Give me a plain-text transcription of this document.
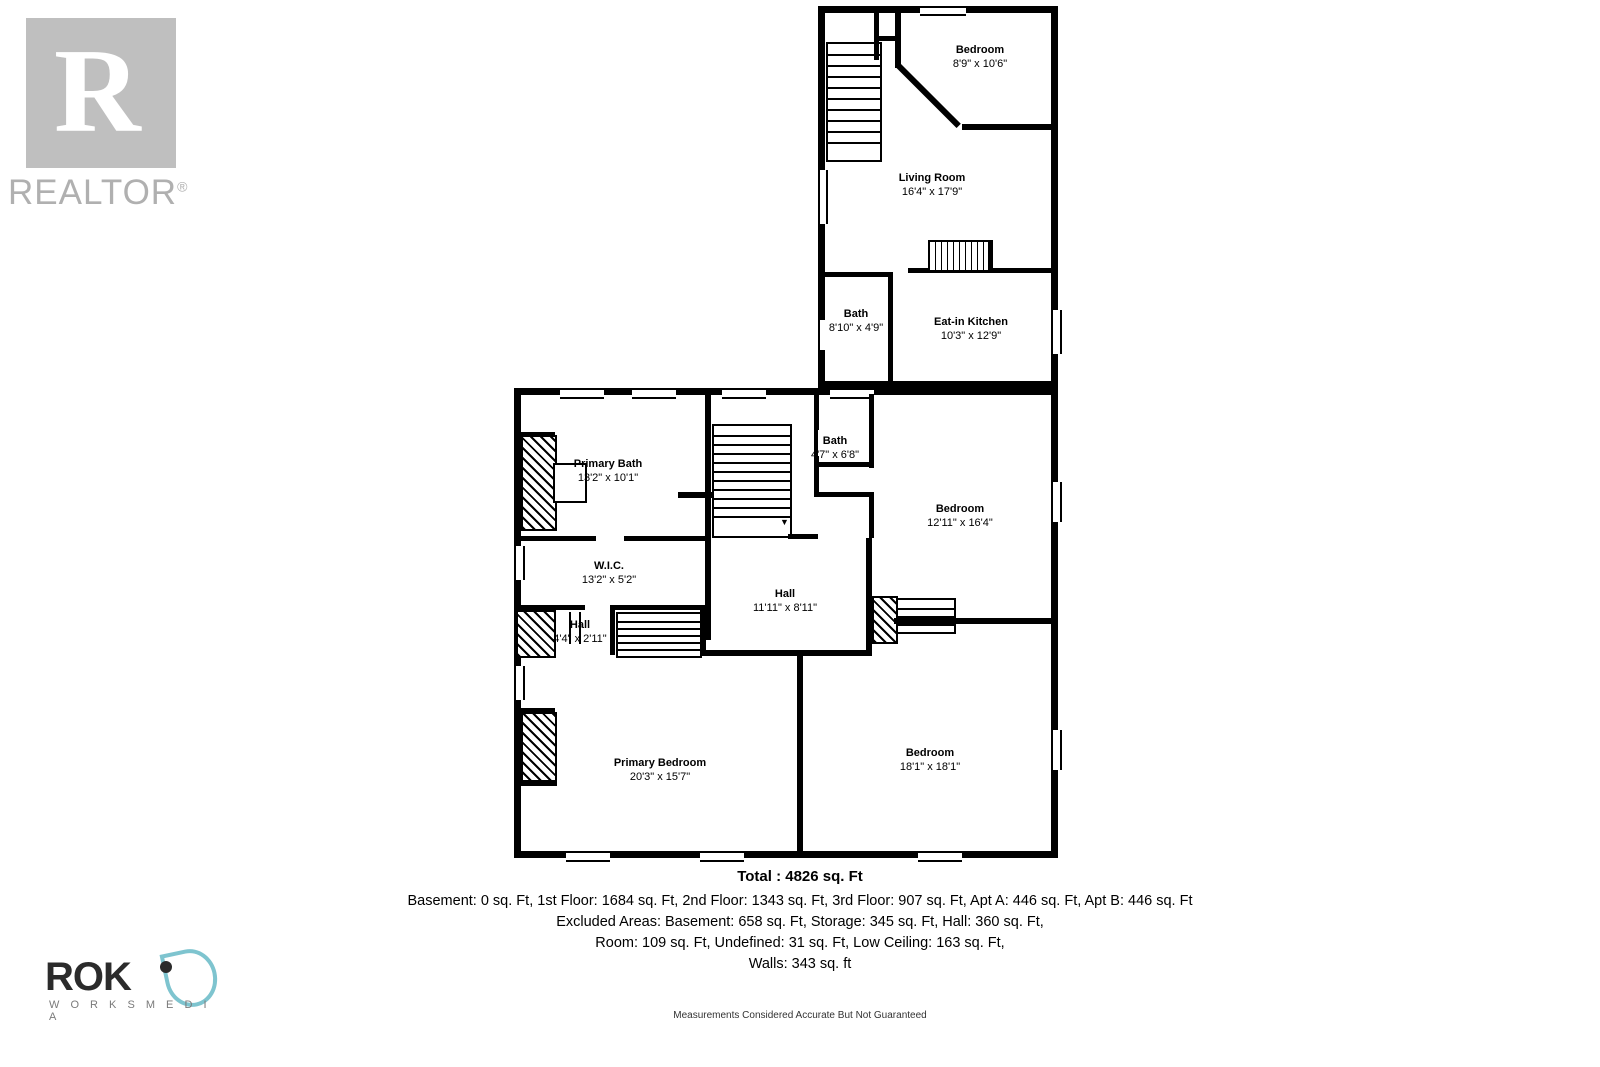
R
REALTOR®
Bedroom
8'9" x 10'6"
Living Room
16'4" x 17'9"
Bath
8'10" x 4'9"	Eat-in Kitchen
10'3" x 12'9"
▼
Primary Bath
13'2" x 10'1"
Bath
4'7" x 6'8"
Bedroom
12'11" x 16'4"
W.I.C.
13'2" x 5'2"
Hall
11'11" x 8'11"
Hall
4'4" x 2'11"
Primary Bedroom
20'3" x 15'7"
Bedroom
18'1" x 18'1"
Total : 4826 sq. Ft
Basement: 0 sq. Ft, 1st Floor: 1684 sq. Ft, 2nd Floor: 1343 sq. Ft, 3rd Floor: 907 sq. Ft, Apt A: 446 sq. Ft, Apt B: 446 sq. Ft
Excluded Areas: Basement: 658 sq. Ft, Storage: 345 sq. Ft, Hall: 360 sq. Ft,
Room: 109 sq. Ft, Undefined: 31 sq. Ft, Low Ceiling: 163 sq. Ft,
Walls: 343 sq. ft
Measurements Considered Accurate But Not Guaranteed
ROK
W O R K S M E D I A
